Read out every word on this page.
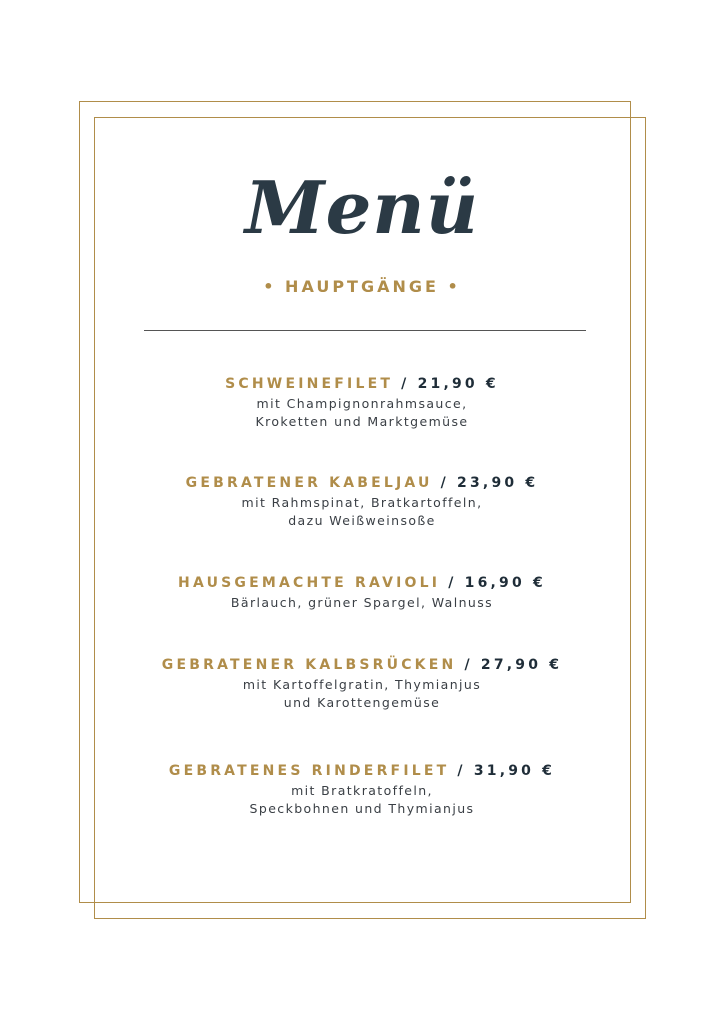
Menü
• HAUPTGÄNGE •
SCHWEINEFILET / 21,90 €
mit Champignonrahmsauce,
Kroketten und Marktgemüse
GEBRATENER KABELJAU / 23,90 €
mit Rahmspinat, Bratkartoffeln,
dazu Weißweinsoße
HAUSGEMACHTE RAVIOLI / 16,90 €
Bärlauch, grüner Spargel, Walnuss
GEBRATENER KALBSRÜCKEN / 27,90 €
mit Kartoffelgratin, Thymianjus
und Karottengemüse
GEBRATENES RINDERFILET / 31,90 €
mit Bratkratoffeln,
Speckbohnen und Thymianjus
